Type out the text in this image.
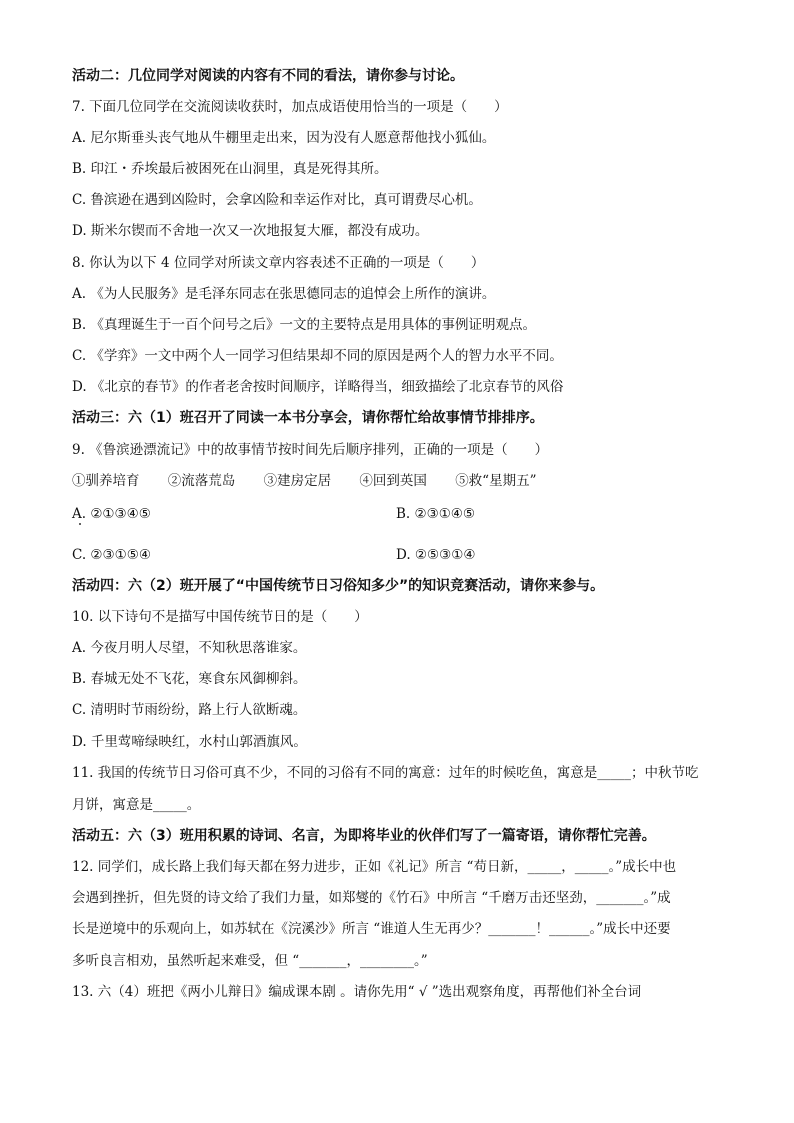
活动二：几位同学对阅读的内容有不同的看法，请你参与讨论。
7. 下面几位同学在交流阅读收获时，加点成语使用恰当的一项是（　　）
A. 尼尔斯垂头丧气地从牛棚里走出来，因为没有人愿意帮他找小狐仙。
B. 印江・乔埃最后被困死在山洞里，真是死得其所。
C. 鲁滨逊在遇到凶险时，会拿凶险和幸运作对比，真可谓费尽心机。
D. 斯米尔锲而不舍地一次又一次地报复大雁，都没有成功。
8. 你认为以下 4 位同学对所读文章内容表述不正确的一项是（　　）
A. 《为人民服务》是毛泽东同志在张思德同志的追悼会上所作的演讲。
B. 《真理诞生于一百个问号之后》一文的主要特点是用具体的事例证明观点。
C. 《学弈》一文中两个人一同学习但结果却不同的原因是两个人的智力水平不同。
D. 《北京的春节》的作者老舍按时间顺序，详略得当，细致描绘了北京春节的风俗
活动三：六（1）班召开了同读一本书分享会，请你帮忙给故事情节排排序。
9. 《鲁滨逊漂流记》中的故事情节按时间先后顺序排列，正确的一项是（　　）
①驯养培育 ②流落荒岛 ③建房定居 ④回到英国 ⑤救“星期五”
A. ②①③④⑤	B. ②③①④⑤
C. ②③①⑤④	D. ②⑤③①④
活动四：六（2）班开展了“中国传统节日习俗知多少”的知识竞赛活动，请你来参与。
10. 以下诗句不是描写中国传统节日的是（　　）
A. 今夜月明人尽望，不知秋思落谁家。
B. 春城无处不飞花，寒食东风御柳斜。
C. 清明时节雨纷纷，路上行人欲断魂。
D. 千里莺啼绿映红，水村山郭酒旗风。
11. 我国的传统节日习俗可真不少，不同的习俗有不同的寓意：过年的时候吃鱼，寓意是_____；中秋节吃
月饼，寓意是_____。
活动五：六（3）班用积累的诗词、名言，为即将毕业的伙伴们写了一篇寄语，请你帮忙完善。
12. 同学们，成长路上我们每天都在努力进步，正如《礼记》所言 “苟日新，_____，_____。”成长中也
会遇到挫折，但先贤的诗文给了我们力量，如郑燮的《竹石》中所言 “千磨万击还坚劲，_______。”成
长是逆境中的乐观向上，如苏轼在《浣溪沙》所言 “谁道人生无再少？_______！______。”成长中还要
多听良言相劝，虽然听起来难受，但 “_______，________。”
13. 六（4）班把《两小儿辩日》编成课本剧 。请你先用“ √ ”选出观察角度，再帮他们补全台词
